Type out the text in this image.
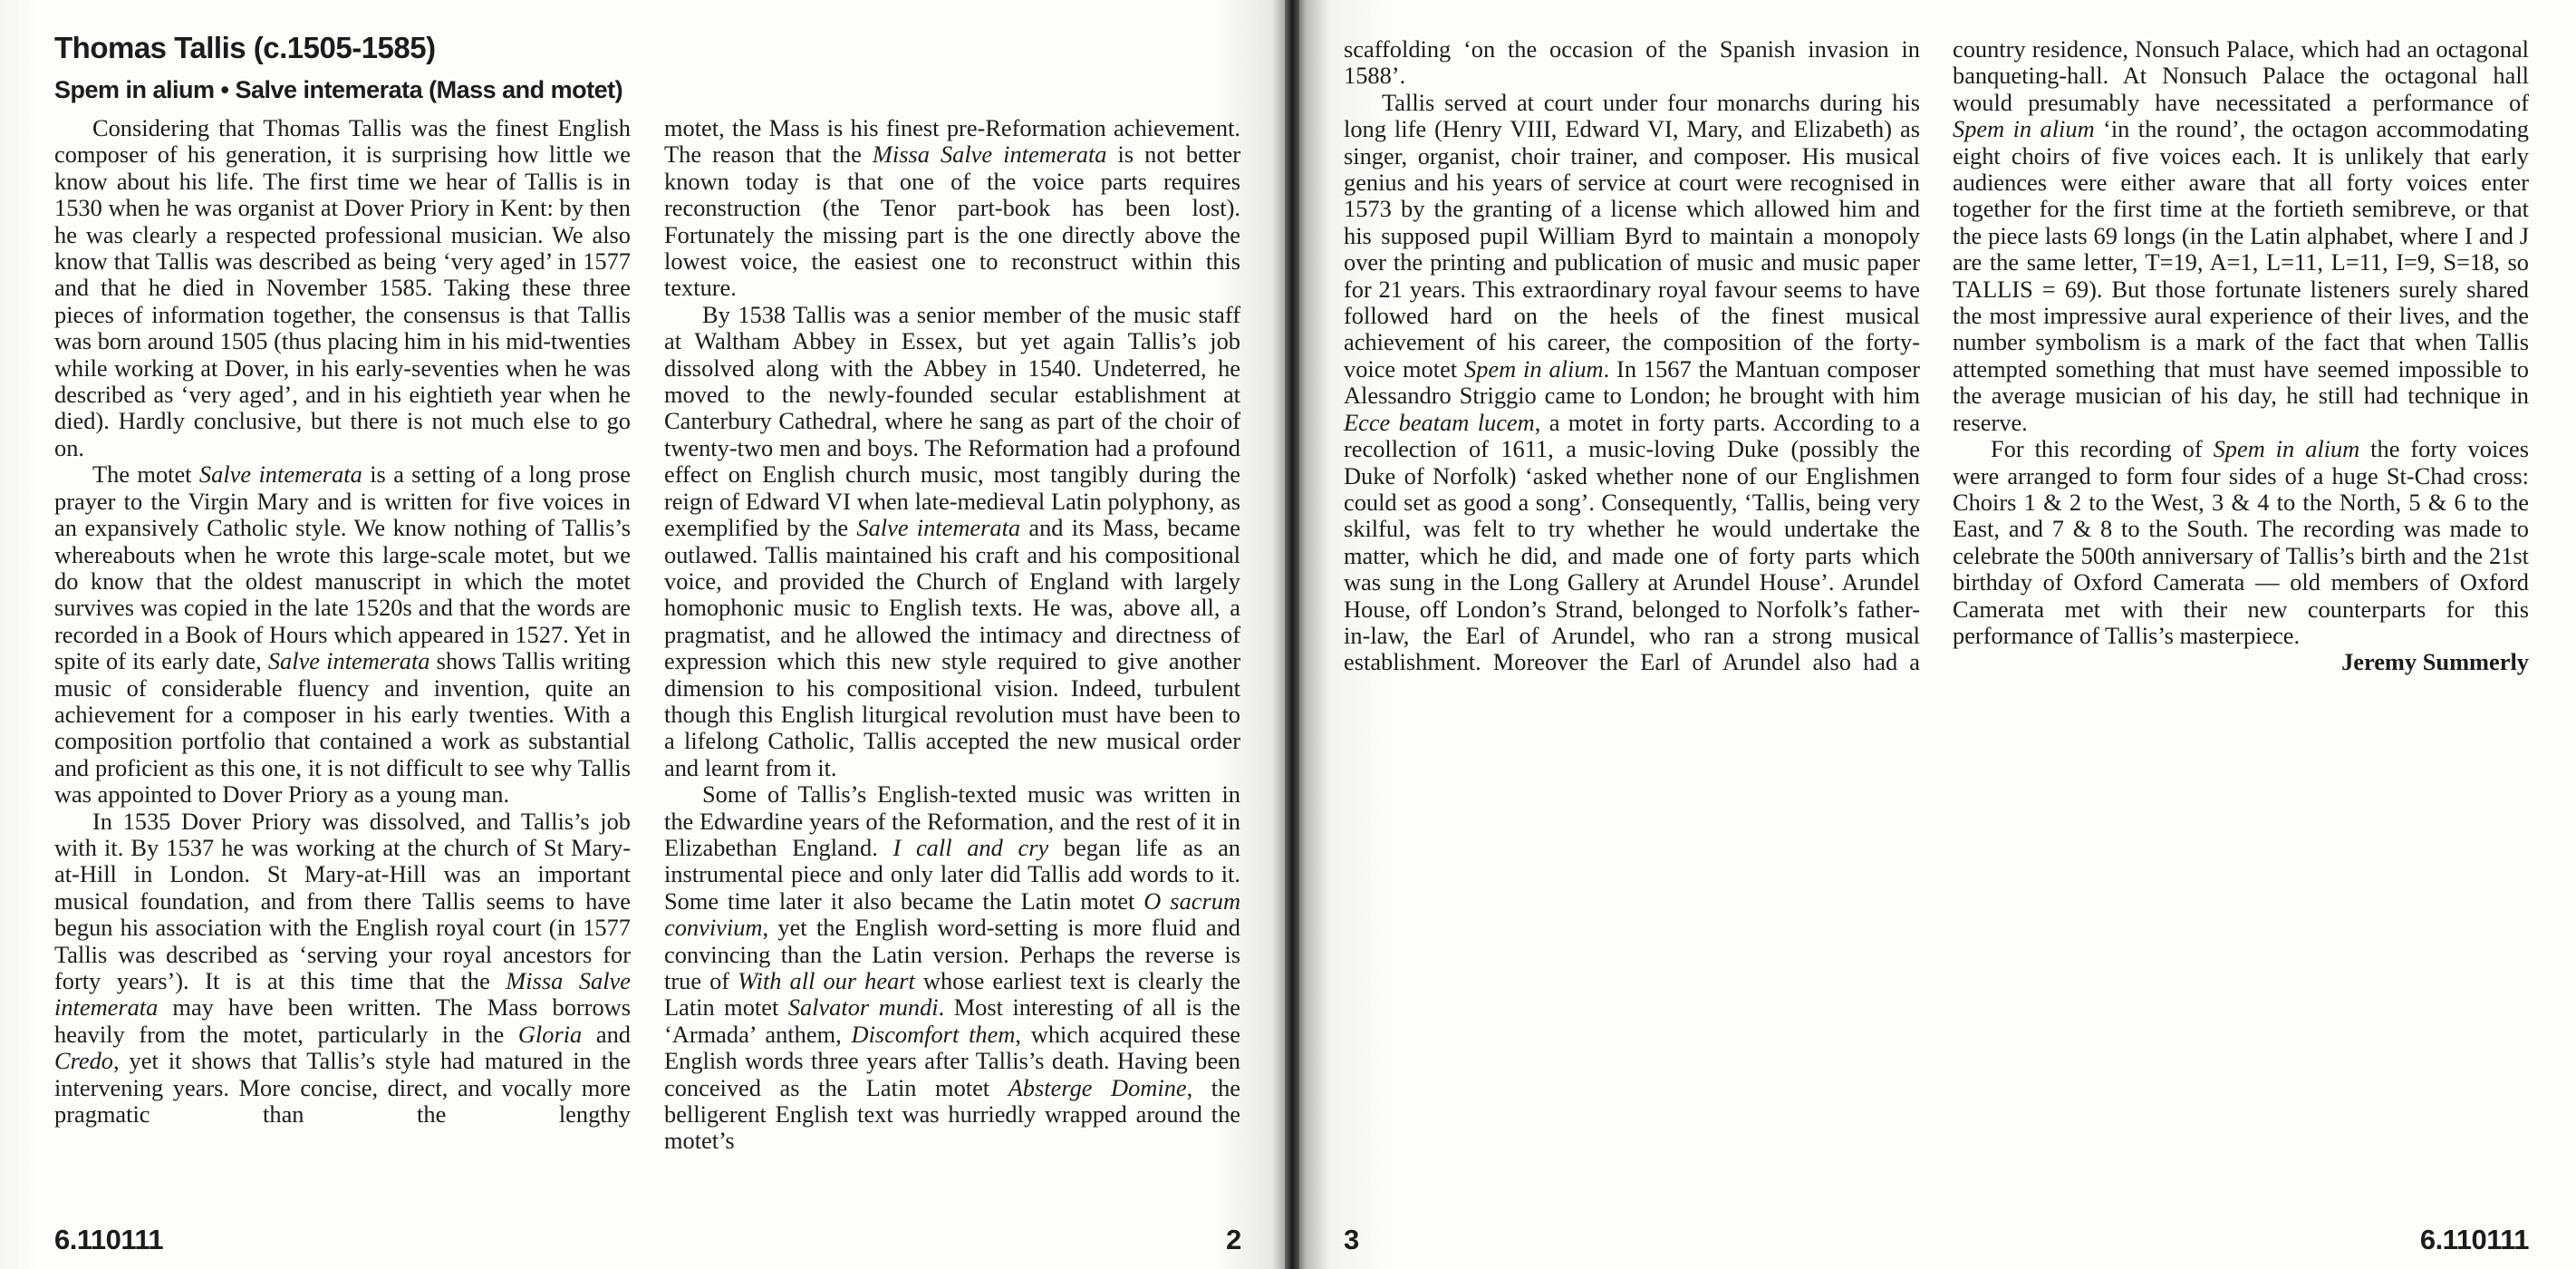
Thomas Tallis (c.1505-1585)
Spem in alium • Salve intemerata (Mass and motet)

Considering that Thomas Tallis was the finest English composer of his generation, it is surprising how little we know about his life. The first time we hear of Tallis is in 1530 when he was organist at Dover Priory in Kent: by then he was clearly a respected professional musician. We also know that Tallis was described as being ‘very aged’ in 1577 and that he died in November 1585. Taking these three pieces of information together, the consensus is that Tallis was born around 1505 (thus placing him in his mid-twenties while working at Dover, in his early-seventies when he was described as ‘very aged’, and in his eightieth year when he died). Hardly conclusive, but there is not much else to go on.

The motet Salve intemerata is a setting of a long prose prayer to the Virgin Mary and is written for five voices in an expansively Catholic style. We know nothing of Tallis’s whereabouts when he wrote this large-scale motet, but we do know that the oldest manuscript in which the motet survives was copied in the late 1520s and that the words are recorded in a Book of Hours which appeared in 1527. Yet in spite of its early date, Salve intemerata shows Tallis writing music of considerable fluency and invention, quite an achievement for a composer in his early twenties. With a composition portfolio that contained a work as substantial and proficient as this one, it is not difficult to see why Tallis was appointed to Dover Priory as a young man.

In 1535 Dover Priory was dissolved, and Tallis’s job with it. By 1537 he was working at the church of St Mary-at-Hill in London. St Mary-at-Hill was an important musical foundation, and from there Tallis seems to have begun his association with the English royal court (in 1577 Tallis was described as ‘serving your royal ancestors for forty years’). It is at this time that the Missa Salve intemerata may have been written. The Mass borrows heavily from the motet, particularly in the Gloria and Credo, yet it shows that Tallis’s style had matured in the intervening years. More concise, direct, and vocally more pragmatic than the lengthy

motet, the Mass is his finest pre-Reformation achievement. The reason that the Missa Salve intemerata is not better known today is that one of the voice parts requires reconstruction (the Tenor part-book has been lost). Fortunately the missing part is the one directly above the lowest voice, the easiest one to reconstruct within this texture.

By 1538 Tallis was a senior member of the music staff at Waltham Abbey in Essex, but yet again Tallis’s job dissolved along with the Abbey in 1540. Undeterred, he moved to the newly-founded secular establishment at Canterbury Cathedral, where he sang as part of the choir of twenty-two men and boys. The Reformation had a profound effect on English church music, most tangibly during the reign of Edward VI when late-medieval Latin polyphony, as exemplified by the Salve intemerata and its Mass, became outlawed. Tallis maintained his craft and his compositional voice, and provided the Church of England with largely homophonic music to English texts. He was, above all, a pragmatist, and he allowed the intimacy and directness of expression which this new style required to give another dimension to his compositional vision. Indeed, turbulent though this English liturgical revolution must have been to a lifelong Catholic, Tallis accepted the new musical order and learnt from it.

Some of Tallis’s English-texted music was written in the Edwardine years of the Reformation, and the rest of it in Elizabethan England. I call and cry began life as an instrumental piece and only later did Tallis add words to it. Some time later it also became the Latin motet O sacrum convivium, yet the English word-setting is more fluid and convincing than the Latin version. Perhaps the reverse is true of With all our heart whose earliest text is clearly the Latin motet Salvator mundi. Most interesting of all is the ‘Armada’ anthem, Discomfort them, which acquired these English words three years after Tallis’s death. Having been conceived as the Latin motet Absterge Domine, the belligerent English text was hurriedly wrapped around the motet’s

6.110111	2

scaffolding ‘on the occasion of the Spanish invasion in 1588’.

Tallis served at court under four monarchs during his long life (Henry VIII, Edward VI, Mary, and Elizabeth) as singer, organist, choir trainer, and composer. His musical genius and his years of service at court were recognised in 1573 by the granting of a license which allowed him and his supposed pupil William Byrd to maintain a monopoly over the printing and publication of music and music paper for 21 years. This extraordinary royal favour seems to have followed hard on the heels of the finest musical achievement of his career, the composition of the forty-voice motet Spem in alium. In 1567 the Mantuan composer Alessandro Striggio came to London; he brought with him Ecce beatam lucem, a motet in forty parts. According to a recollection of 1611, a music-loving Duke (possibly the Duke of Norfolk) ‘asked whether none of our Englishmen could set as good a song’. Consequently, ‘Tallis, being very skilful, was felt to try whether he would undertake the matter, which he did, and made one of forty parts which was sung in the Long Gallery at Arundel House’. Arundel House, off London’s Strand, belonged to Norfolk’s father-in-law, the Earl of Arundel, who ran a strong musical establishment. Moreover the Earl of Arundel also had a

country residence, Nonsuch Palace, which had an octagonal banqueting-hall. At Nonsuch Palace the octagonal hall would presumably have necessitated a performance of Spem in alium ‘in the round’, the octagon accommodating eight choirs of five voices each. It is unlikely that early audiences were either aware that all forty voices enter together for the first time at the fortieth semibreve, or that the piece lasts 69 longs (in the Latin alphabet, where I and J are the same letter, T=19, A=1, L=11, L=11, I=9, S=18, so TALLIS = 69). But those fortunate listeners surely shared the most impressive aural experience of their lives, and the number symbolism is a mark of the fact that when Tallis attempted something that must have seemed impossible to the average musician of his day, he still had technique in reserve.

For this recording of Spem in alium the forty voices were arranged to form four sides of a huge St-Chad cross: Choirs 1 & 2 to the West, 3 & 4 to the North, 5 & 6 to the East, and 7 & 8 to the South. The recording was made to celebrate the 500th anniversary of Tallis’s birth and the 21st birthday of Oxford Camerata — old members of Oxford Camerata met with their new counterparts for this performance of Tallis’s masterpiece.

Jeremy Summerly

3	6.110111
